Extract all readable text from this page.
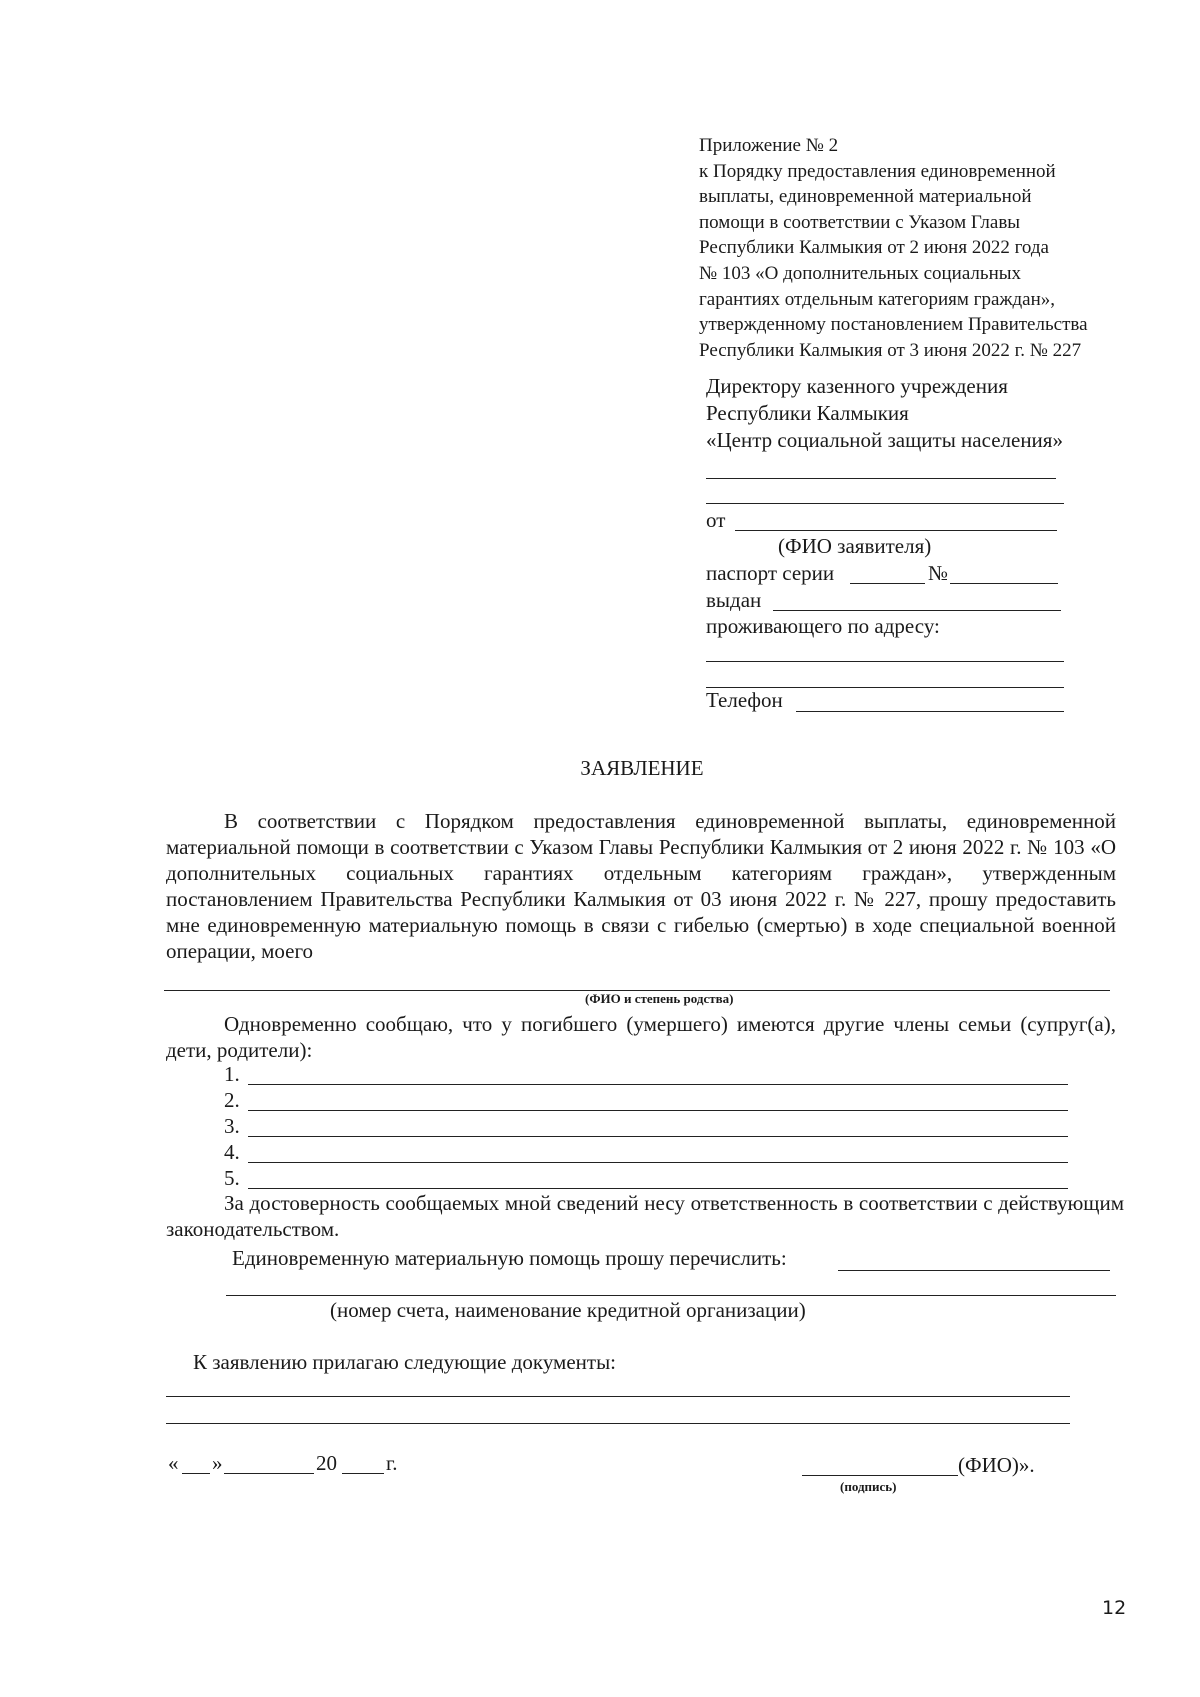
Приложение № 2
к Порядку предоставления единовременной
выплаты, единовременной материальной
помощи в соответствии с Указом Главы
Республики Калмыкия от 2 июня 2022 года
№ 103 «О дополнительных социальных
гарантиях отдельным категориям граждан»,
утвержденному постановлением Правительства
Республики Калмыкия от 3 июня 2022 г. № 227
Директору казенного учреждения
Республики Калмыкия
«Центр социальной защиты населения»
от
(ФИО заявителя)
паспорт серии	№
выдан
проживающего по адресу:
Телефон
ЗАЯВЛЕНИЕ
В соответствии с Порядком предоставления единовременной выплаты, единовременной материальной помощи в соответствии с Указом Главы Республики Калмыкия от 2 июня 2022 г. № 103 «О дополнительных социальных гарантиях отдельным категориям граждан», утвержденным постановлением Правительства Республики Калмыкия от 03 июня 2022 г. № 227, прошу предоставить мне единовременную материальную помощь в связи с гибелью (смертью) в ходе специальной военной операции, моего
(ФИО и степень родства)
Одновременно сообщаю, что у погибшего (умершего) имеются другие члены семьи (супруг(а), дети, родители):
1.
2.
3.
4.
5.
За достоверность сообщаемых мной сведений несу ответственность в соответствии с действующим законодательством.
Единовременную материальную помощь прошу перечислить:
(номер счета, наименование кредитной организации)
К заявлению прилагаю следующие документы:
« »	20 г.	(ФИО)».
(подпись)
12
